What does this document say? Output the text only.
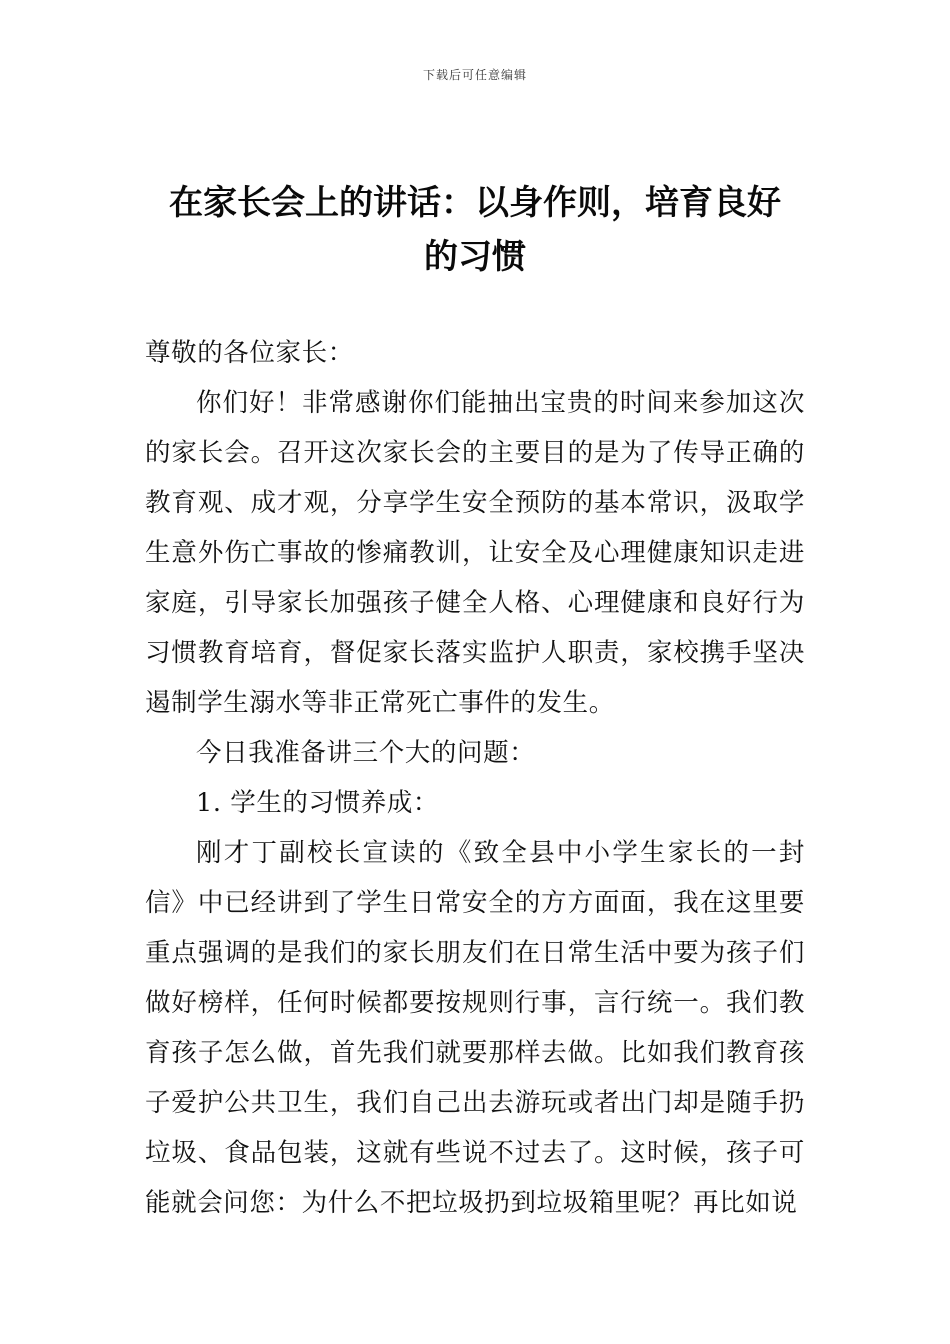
下载后可任意编辑
在家长会上的讲话：以身作则，培育良好
的习惯

尊敬的各位家长：

你们好！非常感谢你们能抽出宝贵的时间来参加这次的家长会。召开这次家长会的主要目的是为了传导正确的教育观、成才观，分享学生安全预防的基本常识，汲取学生意外伤亡事故的惨痛教训，让安全及心理健康知识走进家庭，引导家长加强孩子健全人格、心理健康和良好行为习惯教育培育，督促家长落实监护人职责，家校携手坚决遏制学生溺水等非正常死亡事件的发生。

今日我准备讲三个大的问题：

1. 学生的习惯养成：

刚才丁副校长宣读的《致全县中小学生家长的一封信》中已经讲到了学生日常安全的方方面面，我在这里要重点强调的是我们的家长朋友们在日常生活中要为孩子们做好榜样，任何时候都要按规则行事，言行统一。我们教育孩子怎么做，首先我们就要那样去做。比如我们教育孩子爱护公共卫生，我们自己出去游玩或者出门却是随手扔垃圾、食品包装，这就有些说不过去了。这时候，孩子可能就会问您：为什么不把垃圾扔到垃圾箱里呢？再比如说
